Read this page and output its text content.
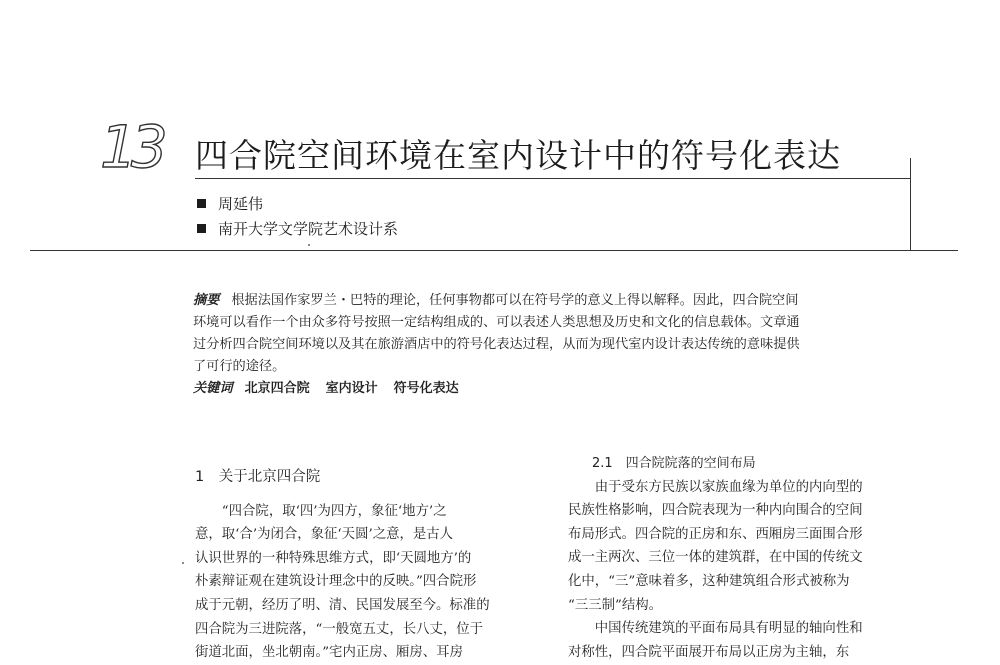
13 四合院空间环境在室内设计中的符号化表达
周延伟
南开大学文学院艺术设计系
摘要 根据法国作家罗兰・巴特的理论，任何事物都可以在符号学的意义上得以解释。因此，四合院空间
环境可以看作一个由众多符号按照一定结构组成的、可以表述人类思想及历史和文化的信息载体。文章通
过分析四合院空间环境以及其在旅游酒店中的符号化表达过程，从而为现代室内设计表达传统的意味提供
了可行的途径。
关键词 北京四合院 室内设计 符号化表达
1　关于北京四合院
“四合院，取‘四’为四方，象征‘地方’之
意，取‘合’为闭合，象征‘天圆’之意，是古人
认识世界的一种特殊思维方式，即‘天圆地方’的
朴素辩证观在建筑设计理念中的反映。”四合院形
成于元朝，经历了明、清、民国发展至今。标准的
四合院为三进院落，“一般宽五丈，长八丈，位于
街道北面，坐北朝南。”宅内正房、厢房、耳房
2.1　四合院院落的空间布局
由于受东方民族以家族血缘为单位的内向型的
民族性格影响，四合院表现为一种内向围合的空间
布局形式。四合院的正房和东、西厢房三面围合形
成一主两次、三位一体的建筑群，在中国的传统文
化中，“三”意味着多，这种建筑组合形式被称为
“三三制”结构。
中国传统建筑的平面布局具有明显的轴向性和
对称性，四合院平面展开布局以正房为主轴，东
